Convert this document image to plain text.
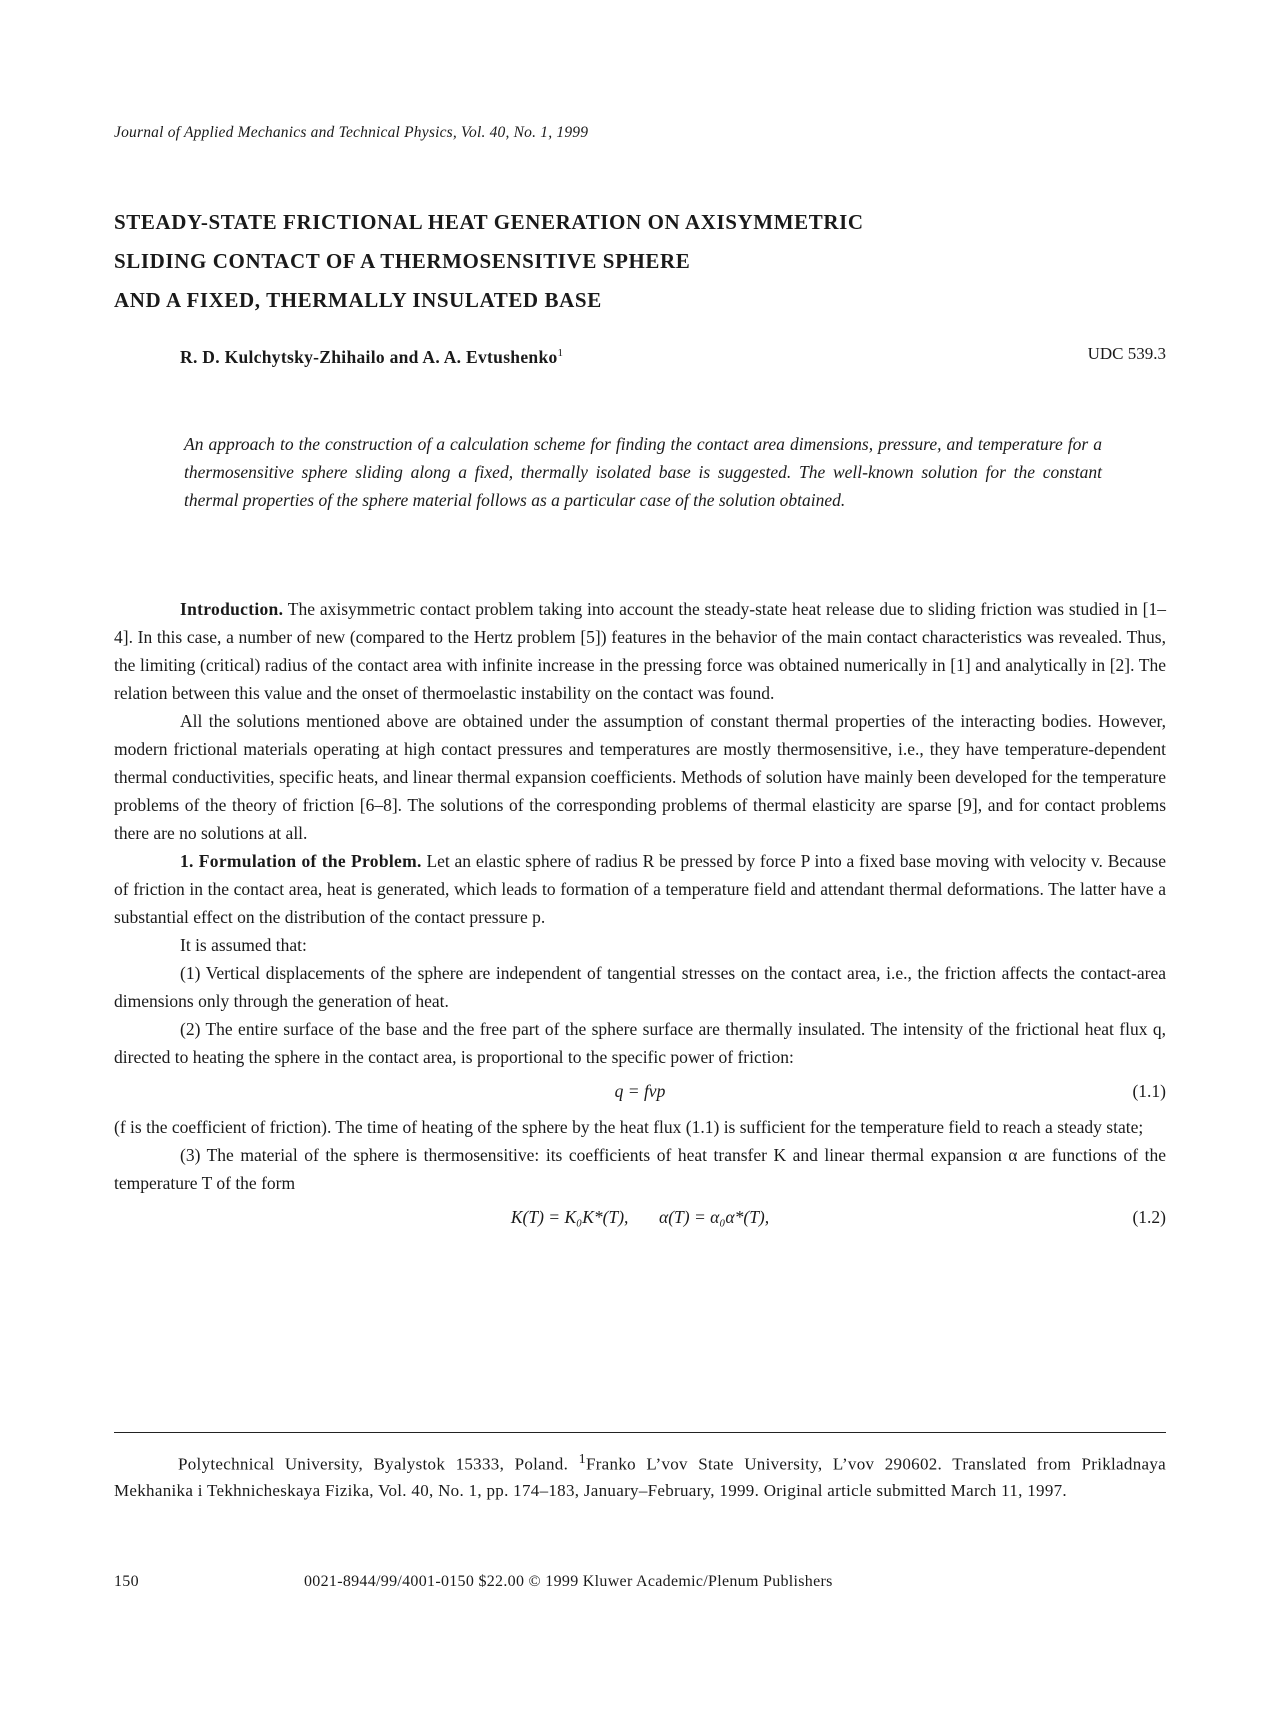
Journal of Applied Mechanics and Technical Physics, Vol. 40, No. 1, 1999
STEADY-STATE FRICTIONAL HEAT GENERATION ON AXISYMMETRIC
SLIDING CONTACT OF A THERMOSENSITIVE SPHERE
AND A FIXED, THERMALLY INSULATED BASE
R. D. Kulchytsky-Zhihailo and A. A. Evtushenko$^1$	UDC 539.3
An approach to the construction of a calculation scheme for finding the contact area dimensions, pressure, and temperature for a thermosensitive sphere sliding along a fixed, thermally isolated base is suggested. The well-known solution for the constant thermal properties of the sphere material follows as a particular case of the solution obtained.

Introduction. The axisymmetric contact problem taking into account the steady-state heat release due to sliding friction was studied in [1–4]. In this case, a number of new (compared to the Hertz problem [5]) features in the behavior of the main contact characteristics was revealed. Thus, the limiting (critical) radius of the contact area with infinite increase in the pressing force was obtained numerically in [1] and analytically in [2]. The relation between this value and the onset of thermoelastic instability on the contact was found.

All the solutions mentioned above are obtained under the assumption of constant thermal properties of the interacting bodies. However, modern frictional materials operating at high contact pressures and temperatures are mostly thermosensitive, i.e., they have temperature-dependent thermal conductivities, specific heats, and linear thermal expansion coefficients. Methods of solution have mainly been developed for the temperature problems of the theory of friction [6–8]. The solutions of the corresponding problems of thermal elasticity are sparse [9], and for contact problems there are no solutions at all.

1. Formulation of the Problem. Let an elastic sphere of radius R be pressed by force P into a fixed base moving with velocity v. Because of friction in the contact area, heat is generated, which leads to formation of a temperature field and attendant thermal deformations. The latter have a substantial effect on the distribution of the contact pressure p.

It is assumed that:

(1) Vertical displacements of the sphere are independent of tangential stresses on the contact area, i.e., the friction affects the contact-area dimensions only through the generation of heat.

(2) The entire surface of the base and the free part of the sphere surface are thermally insulated. The intensity of the frictional heat flux q, directed to heating the sphere in the contact area, is proportional to the specific power of friction:

q = fvp	(1.1)

(f is the coefficient of friction). The time of heating of the sphere by the heat flux (1.1) is sufficient for the temperature field to reach a steady state;

(3) The material of the sphere is thermosensitive: its coefficients of heat transfer K and linear thermal expansion α are functions of the temperature T of the form

K(T) = K₀K*(T),       α(T) = α₀α*(T),	(1.2)

Polytechnical University, Byalystok 15333, Poland. $^1$Franko L’vov State University, L’vov 290602. Translated from Prikladnaya Mekhanika i Tekhnicheskaya Fizika, Vol. 40, No. 1, pp. 174–183, January–February, 1999. Original article submitted March 11, 1997.

150	0021-8944/99/4001-0150 $22.00 © 1999 Kluwer Academic/Plenum Publishers
